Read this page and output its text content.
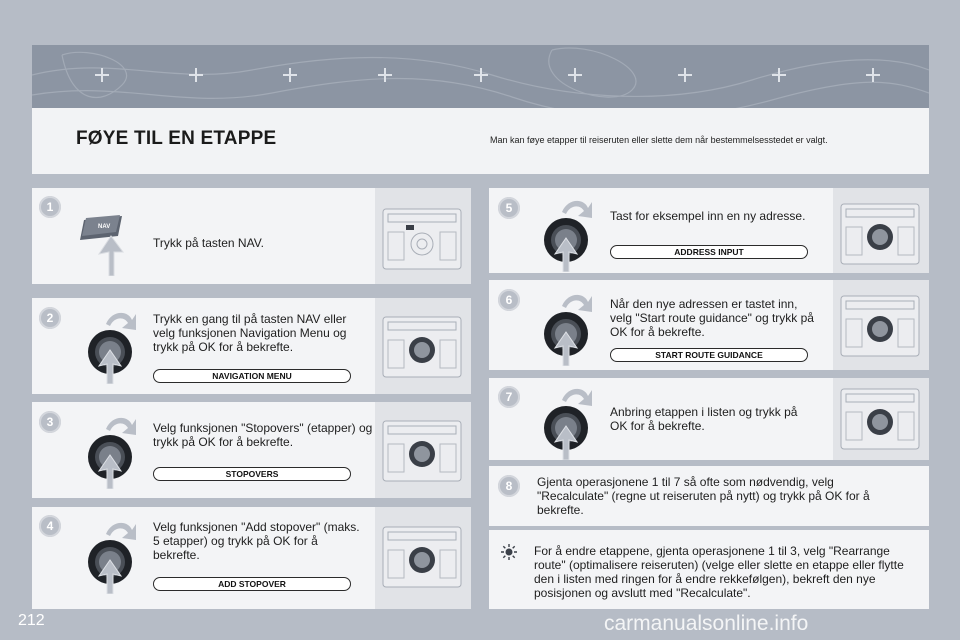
FØYE TIL EN ETAPPE	Man kan føye etapper til reiseruten eller slette dem når bestemmelsesstedet er valgt.
1
2
3
4
5
6
7
8
NAV
Trykk på tasten NAV.
Trykk en gang til på tasten NAV eller velg funksjonen Navigation Menu og trykk på OK for å bekrefte.
Velg funksjonen "Stopovers" (etapper) og trykk på OK for å bekrefte.
Velg funksjonen "Add stopover" (maks. 5 etapper) og trykk på OK for å bekrefte.
Tast for eksempel inn en ny adresse.
Når den nye adressen er tastet inn, velg "Start route guidance" og trykk på OK for å bekrefte.
Anbring etappen i listen og trykk på OK for å bekrefte.
Gjenta operasjonene 1 til 7 så ofte som nødvendig, velg "Recalculate" (regne ut reiseruten på nytt) og trykk på OK for å bekrefte.
NAVIGATION MENU
STOPOVERS
ADD STOPOVER
ADDRESS INPUT
START ROUTE GUIDANCE
For å endre etappene, gjenta operasjonene 1 til 3, velg "Rearrange route" (optimalisere reiseruten) (velge eller slette en etappe eller flytte den i listen med ringen for å endre rekkefølgen), bekreft den nye posisjonen og avslutt med "Recalculate".
212	carmanualsonline.info
